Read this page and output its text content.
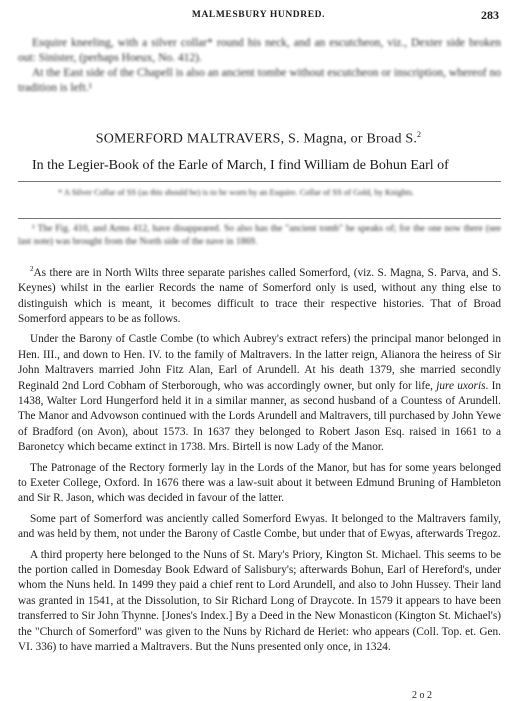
MALMESBURY HUNDRED.	283

Esquire kneeling, with a silver collar* round his neck, and an escutcheon, viz., Dexter side broken out: Sinister, (perhaps Hoeux, No. 412).

At the East side of the Chapell is also an ancient tombe without escutcheon or inscription, whereof no tradition is left.¹

SOMERFORD MALTRAVERS, S. Magna, or Broad S.$^2$

In the Legier-Book of the Earle of March, I find William de Bohun Earl of

* A Silver Collar of SS (as this should be) is to be worn by an Esquire. Collar of SS of Gold, by Knights.

¹ The Fig. 410, and Arms 412, have disappeared. So also has the "ancient tomb" he speaks of; for the one now there (see last note) was brought from the North side of the nave in 1869.

$^2$As there are in North Wilts three separate parishes called Somerford, (viz. S. Magna, S. Parva, and S. Keynes) whilst in the earlier Records the name of Somerford only is used, without any thing else to distinguish which is meant, it becomes difficult to trace their respective histories. That of Broad Somerford appears to be as follows.

Under the Barony of Castle Combe (to which Aubrey's extract refers) the principal manor belonged in Hen. III., and down to Hen. IV. to the family of Maltravers. In the latter reign, Alianora the heiress of Sir John Maltravers married John Fitz Alan, Earl of Arundell. At his death 1379, she married secondly Reginald 2nd Lord Cobham of Sterborough, who was accordingly owner, but only for life, jure uxoris. In 1438, Walter Lord Hungerford held it in a similar manner, as second husband of a Countess of Arundell. The Manor and Advowson continued with the Lords Arundell and Maltravers, till purchased by John Yewe of Bradford (on Avon), about 1573. In 1637 they belonged to Robert Jason Esq. raised in 1661 to a Baronetcy which became extinct in 1738. Mrs. Birtell is now Lady of the Manor.

The Patronage of the Rectory formerly lay in the Lords of the Manor, but has for some years belonged to Exeter College, Oxford. In 1676 there was a law-suit about it between Edmund Bruning of Hambleton and Sir R. Jason, which was decided in favour of the latter.

Some part of Somerford was anciently called Somerford Ewyas. It belonged to the Maltravers family, and was held by them, not under the Barony of Castle Combe, but under that of Ewyas, afterwards Tregoz.

A third property here belonged to the Nuns of St. Mary's Priory, Kington St. Michael. This seems to be the portion called in Domesday Book Edward of Salisbury's; afterwards Bohun, Earl of Hereford's, under whom the Nuns held. In 1499 they paid a chief rent to Lord Arundell, and also to John Hussey. Their land was granted in 1541, at the Dissolution, to Sir Richard Long of Draycote. In 1579 it appears to have been transferred to Sir John Thynne. [Jones's Index.] By a Deed in the New Monasticon (Kington St. Michael's) the "Church of Somerford" was given to the Nuns by Richard de Heriet: who appears (Coll. Top. et. Gen. VI. 336) to have married a Maltravers. But the Nuns presented only once, in 1324.

2 o 2
